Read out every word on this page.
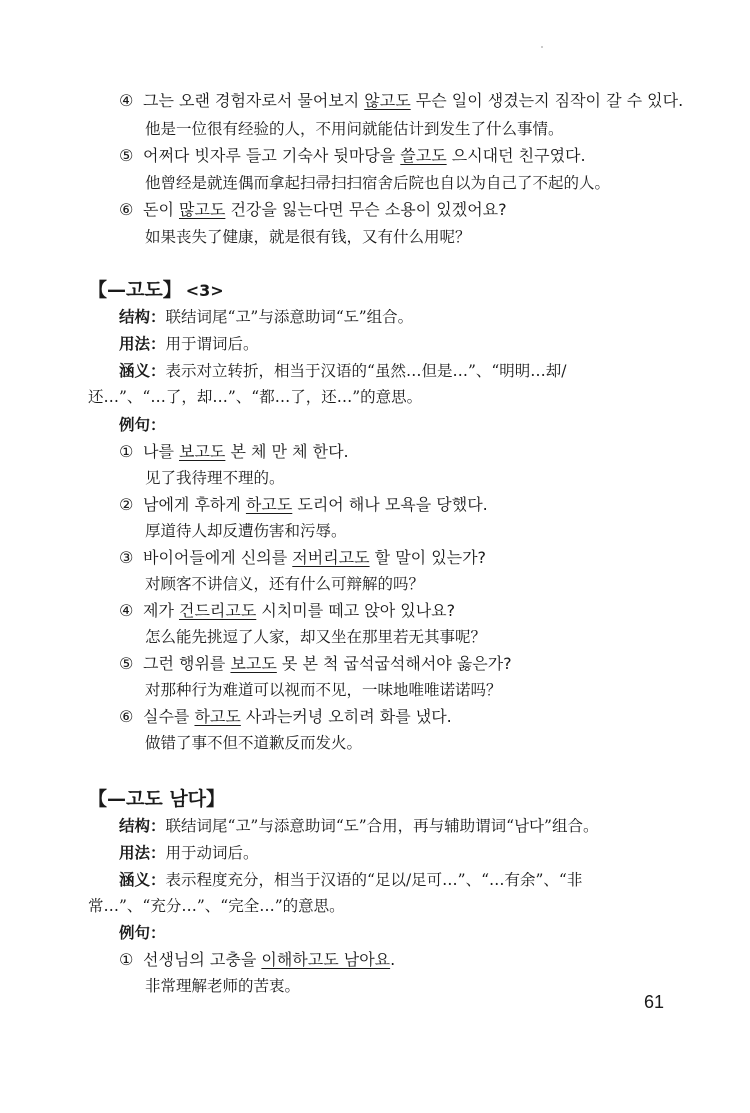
④ 그는 오랜 경험자로서 물어보지 않고도 무슨 일이 생겼는지 짐작이 갈 수 있다.
他是一位很有经验的人，不用问就能估计到发生了什么事情。
⑤ 어쩌다 빗자루 들고 기숙사 뒷마당을 쓸고도 으시대던 친구였다.
他曾经是就连偶而拿起扫帚扫扫宿舍后院也自以为自己了不起的人。
⑥ 돈이 많고도 건강을 잃는다면 무슨 소용이 있겠어요?
如果丧失了健康，就是很有钱，又有什么用呢？
【—고도】 <3>
结构：联结词尾“고”与添意助词“도”组合。
用法：用于谓词后。
涵义：表示对立转折，相当于汉语的“虽然…但是…”、“明明…却/
还…”、“…了，却…”、“都…了，还…”的意思。
例句：
① 나를 보고도 본 체 만 체 한다.
见了我待理不理的。
② 남에게 후하게 하고도 도리어 해나 모욕을 당했다.
厚道待人却反遭伤害和污辱。
③ 바이어들에게 신의를 저버리고도 할 말이 있는가?
对顾客不讲信义，还有什么可辩解的吗？
④ 제가 건드리고도 시치미를 떼고 앉아 있나요?
怎么能先挑逗了人家，却又坐在那里若无其事呢？
⑤ 그런 행위를 보고도 못 본 척 굽석굽석해서야 옳은가?
对那种行为难道可以视而不见，一味地唯唯诺诺吗？
⑥ 실수를 하고도 사과는커녕 오히려 화를 냈다.
做错了事不但不道歉反而发火。
【—고도 남다】
结构：联结词尾“고”与添意助词“도”合用，再与辅助谓词“남다”组合。
用法：用于动词后。
涵义：表示程度充分，相当于汉语的“足以/足可…”、“…有余”、“非
常…”、“充分…”、“完全…”的意思。
例句：
① 선생님의 고충을 이해하고도 남아요.
非常理解老师的苦衷。
61
